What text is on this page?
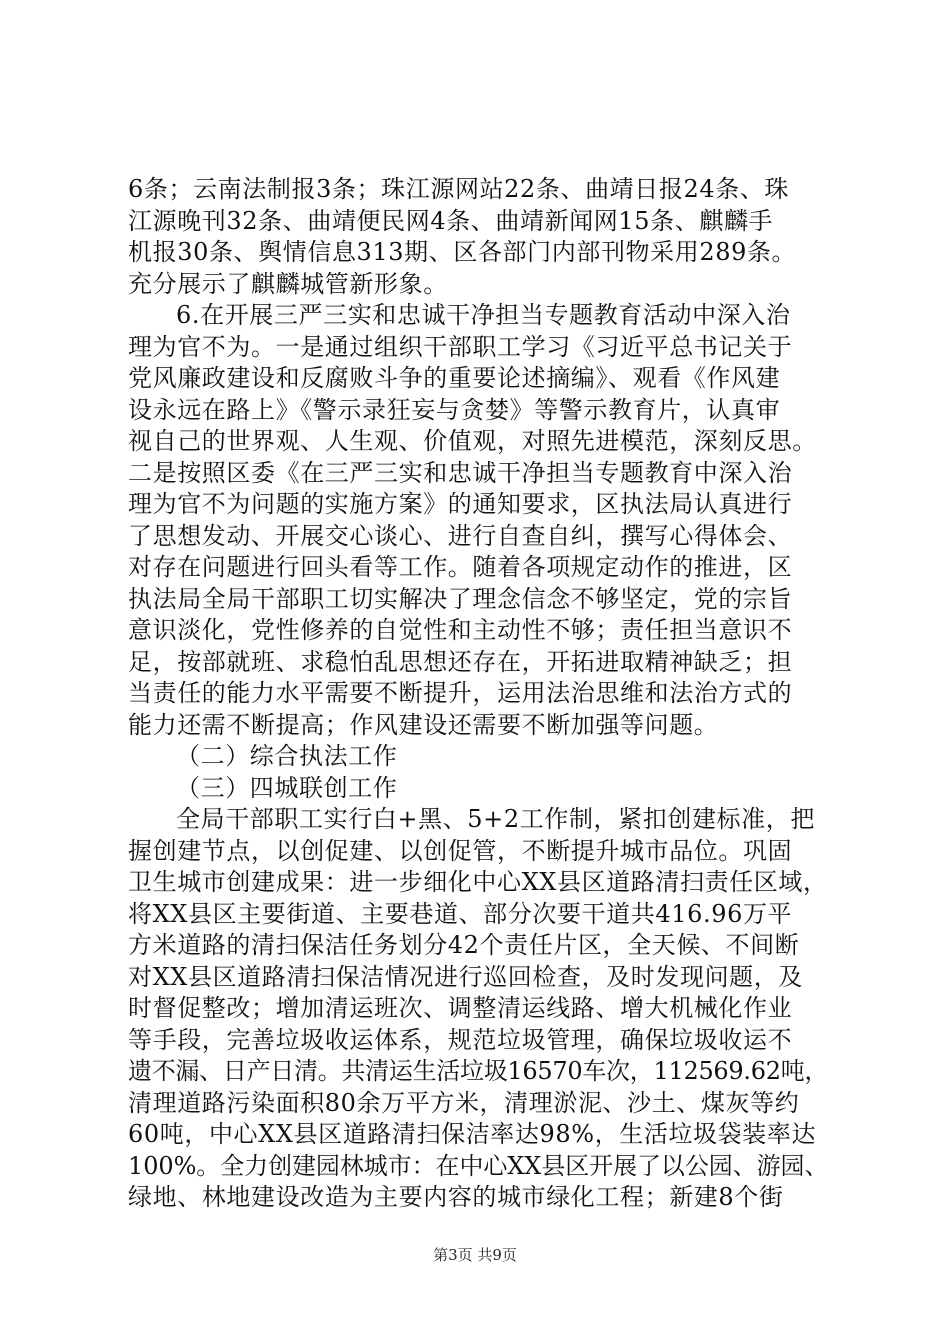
6条；云南法制报3条；珠江源网站22条、曲靖日报24条、珠
江源晚刊32条、曲靖便民网4条、曲靖新闻网15条、麒麟手
机报30条、舆情信息313期、区各部门内部刊物采用289条。
充分展示了麒麟城管新形象。
6.在开展三严三实和忠诚干净担当专题教育活动中深入治
理为官不为。一是通过组织干部职工学习《习近平总书记关于
党风廉政建设和反腐败斗争的重要论述摘编》、观看《作风建
设永远在路上》《警示录狂妄与贪婪》等警示教育片，认真审
视自己的世界观、人生观、价值观，对照先进模范，深刻反思。
二是按照区委《在三严三实和忠诚干净担当专题教育中深入治
理为官不为问题的实施方案》的通知要求，区执法局认真进行
了思想发动、开展交心谈心、进行自查自纠，撰写心得体会、
对存在问题进行回头看等工作。随着各项规定动作的推进，区
执法局全局干部职工切实解决了理念信念不够坚定，党的宗旨
意识淡化，党性修养的自觉性和主动性不够；责任担当意识不
足，按部就班、求稳怕乱思想还存在，开拓进取精神缺乏；担
当责任的能力水平需要不断提升，运用法治思维和法治方式的
能力还需不断提高；作风建设还需要不断加强等问题。
（二）综合执法工作
（三）四城联创工作
全局干部职工实行白+黑、5+2工作制，紧扣创建标准，把
握创建节点，以创促建、以创促管，不断提升城市品位。巩固
卫生城市创建成果：进一步细化中心XX县区道路清扫责任区域，
将XX县区主要街道、主要巷道、部分次要干道共416.96万平
方米道路的清扫保洁任务划分42个责任片区，全天候、不间断
对XX县区道路清扫保洁情况进行巡回检查，及时发现问题，及
时督促整改；增加清运班次、调整清运线路、增大机械化作业
等手段，完善垃圾收运体系，规范垃圾管理，确保垃圾收运不
遗不漏、日产日清。共清运生活垃圾16570车次，112569.62吨，
清理道路污染面积80余万平方米，清理淤泥、沙土、煤灰等约
60吨，中心XX县区道路清扫保洁率达98%，生活垃圾袋装率达
100%。全力创建园林城市：在中心XX县区开展了以公园、游园、
绿地、林地建设改造为主要内容的城市绿化工程；新建8个街
第3页 共9页
